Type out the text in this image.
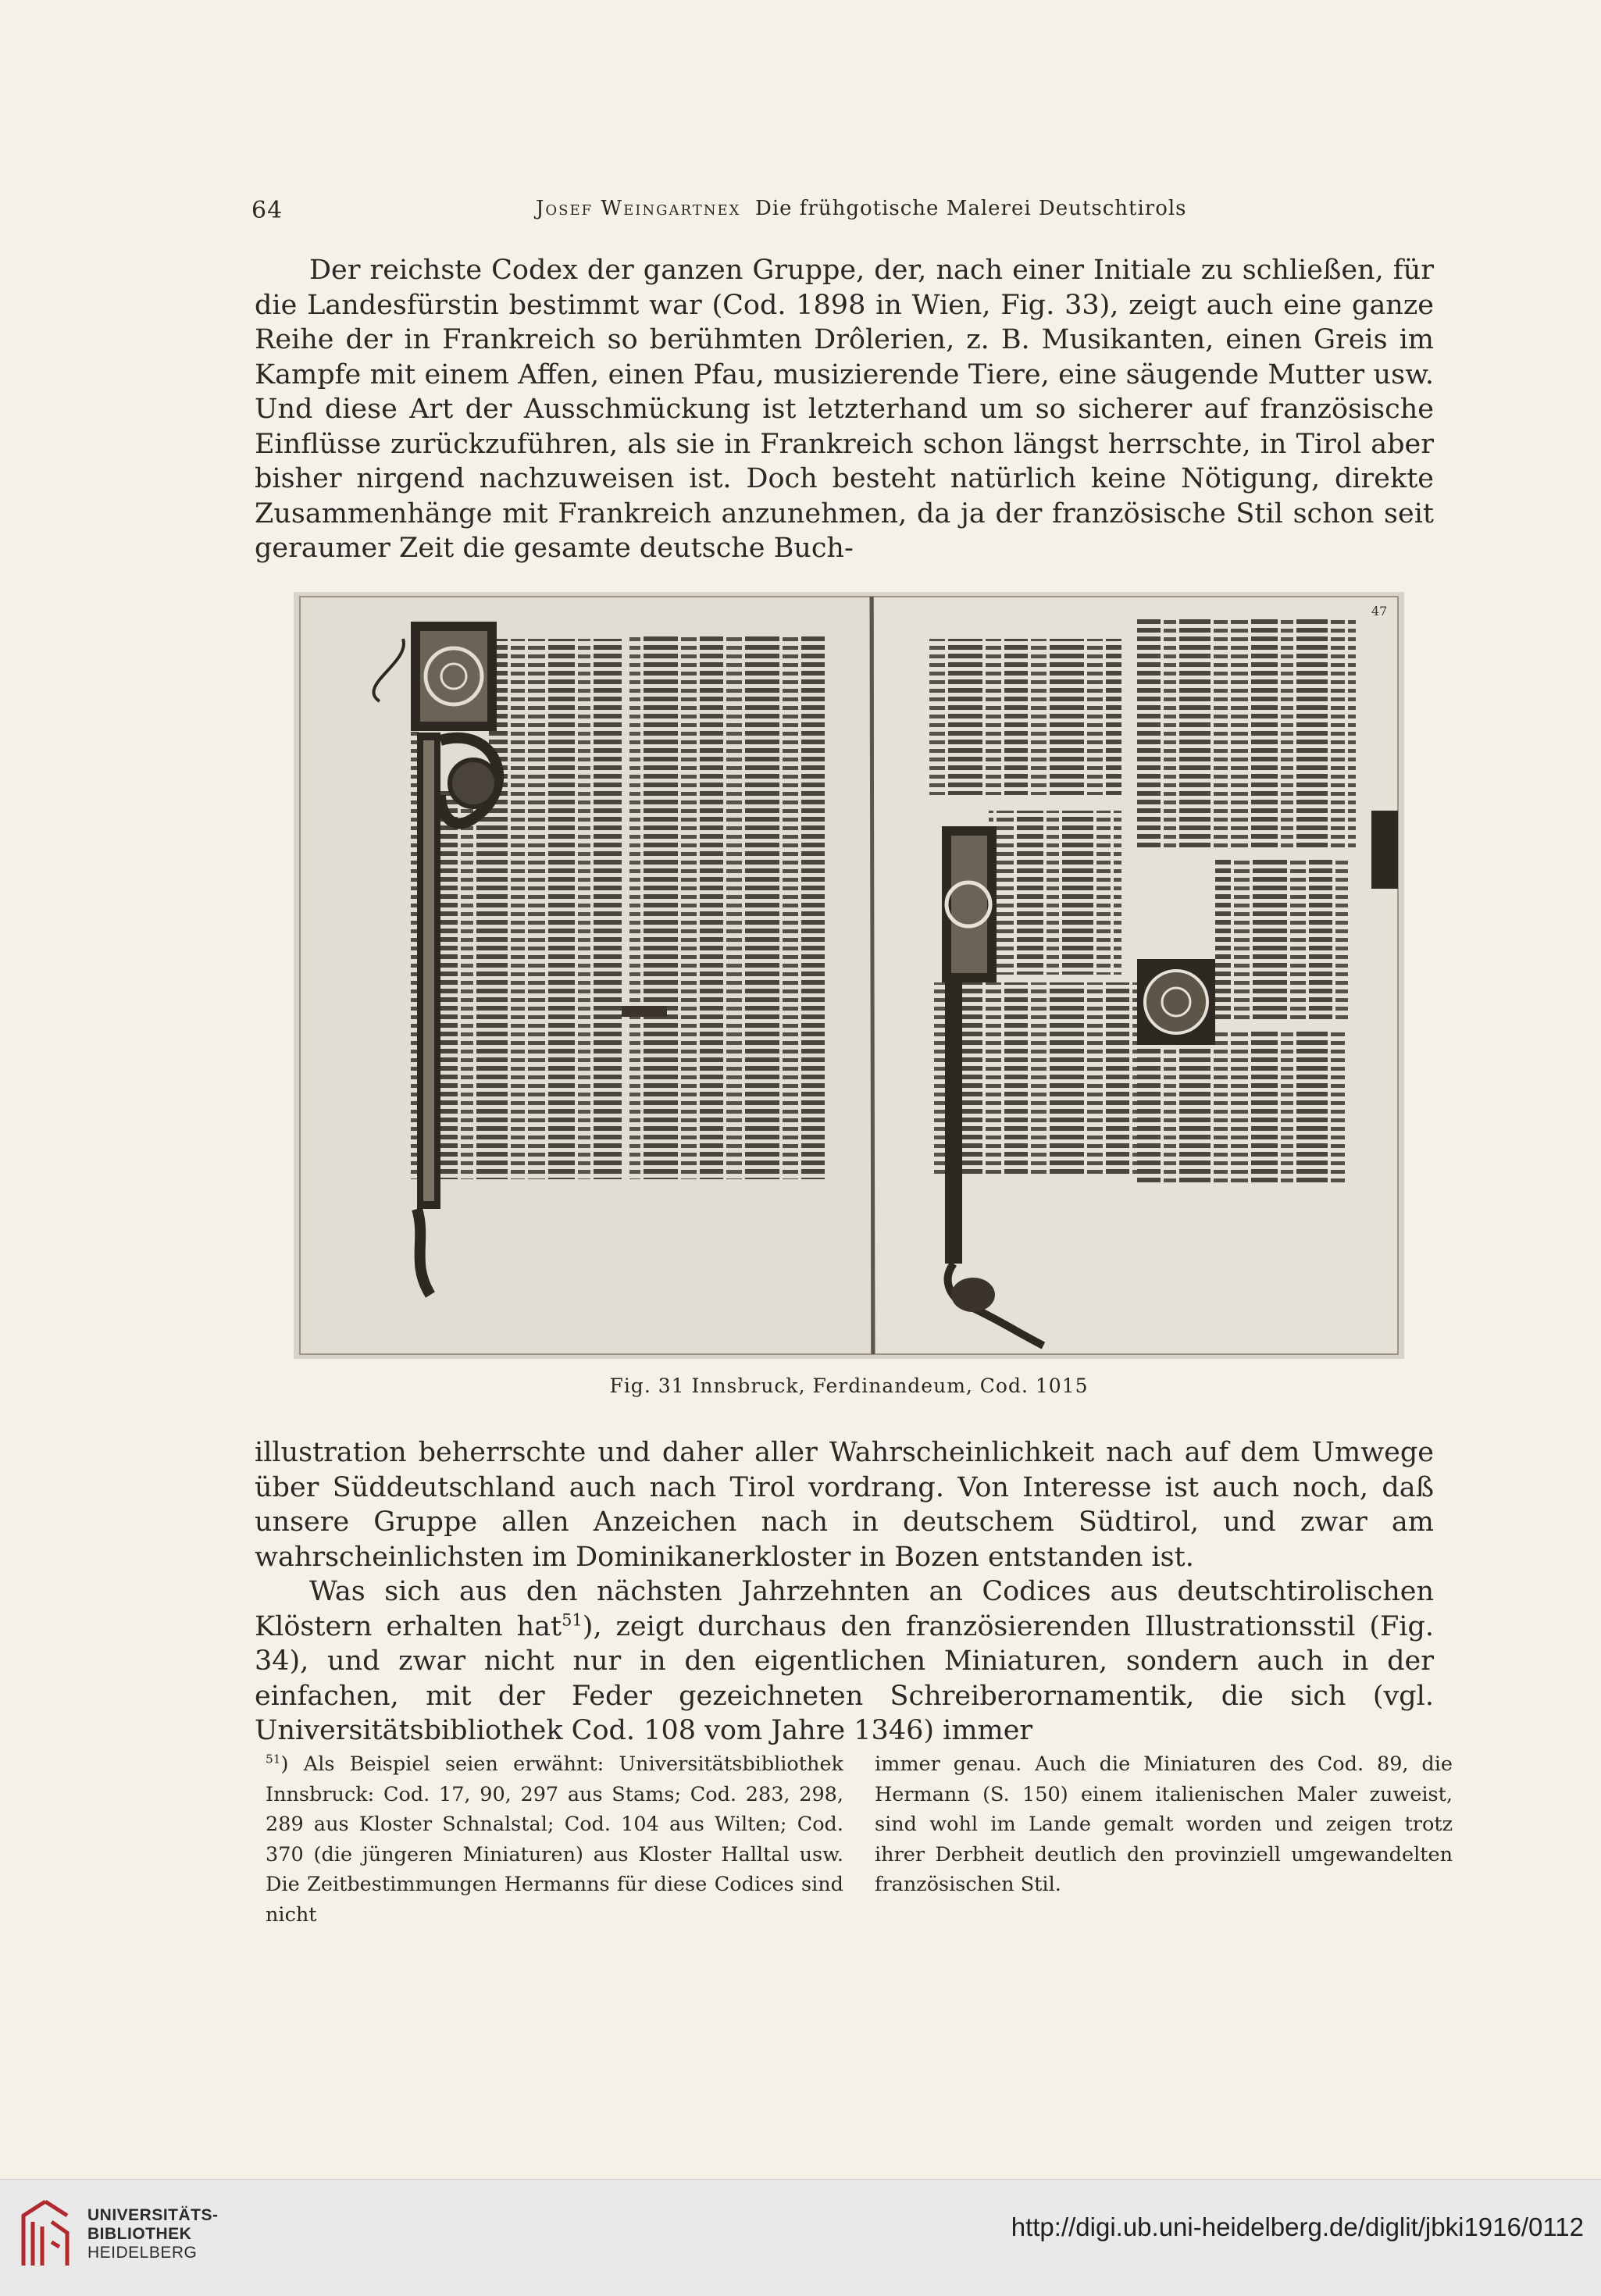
64	Josef Weingartnex Die frühgotische Malerei Deutschtirols

Der reichste Codex der ganzen Gruppe, der, nach einer Initiale zu schließen, für die Landesfürstin bestimmt war (Cod. 1898 in Wien, Fig. 33), zeigt auch eine ganze Reihe der in Frankreich so berühmten Drôlerien, z. B. Musikanten, einen Greis im Kampfe mit einem Affen, einen Pfau, musizierende Tiere, eine säugende Mutter usw. Und diese Art der Ausschmückung ist letzterhand um so sicherer auf französische Einflüsse zurückzuführen, als sie in Frankreich schon längst herrschte, in Tirol aber bisher nirgend nachzuweisen ist. Doch besteht natürlich keine Nötigung, direkte Zusammenhänge mit Frankreich anzunehmen, da ja der französische Stil schon seit geraumer Zeit die gesamte deutsche Buch-

47
Fig. 31 Innsbruck, Ferdinandeum, Cod. 1015

illustration beherrschte und daher aller Wahrscheinlichkeit nach auf dem Umwege über Süddeutschland auch nach Tirol vordrang. Von Interesse ist auch noch, daß unsere Gruppe allen Anzeichen nach in deutschem Südtirol, und zwar am wahrscheinlichsten im Dominikanerkloster in Bozen entstanden ist.

Was sich aus den nächsten Jahrzehnten an Codices aus deutschtirolischen Klöstern erhalten hat$^{51}$), zeigt durchaus den französierenden Illustrationsstil (Fig. 34), und zwar nicht nur in den eigentlichen Miniaturen, sondern auch in der einfachen, mit der Feder gezeichneten Schreiberornamentik, die sich (vgl. Universitätsbibliothek Cod. 108 vom Jahre 1346) immer

$^{51}$) Als Beispiel seien erwähnt: Universitätsbibliothek Innsbruck: Cod. 17, 90, 297 aus Stams; Cod. 283, 298, 289 aus Kloster Schnalstal; Cod. 104 aus Wilten; Cod. 370 (die jüngeren Miniaturen) aus Kloster Halltal usw. Die Zeitbestimmungen Hermanns für diese Codices sind nicht
immer genau. Auch die Miniaturen des Cod. 89, die Hermann (S. 150) einem italienischen Maler zuweist, sind wohl im Lande gemalt worden und zeigen trotz ihrer Derbheit deutlich den provinziell umgewandelten französischen Stil.
UNIVERSITÄTS-
BIBLIOTHEK
HEIDELBERG
http://digi.ub.uni-heidelberg.de/diglit/jbki1916/0112
